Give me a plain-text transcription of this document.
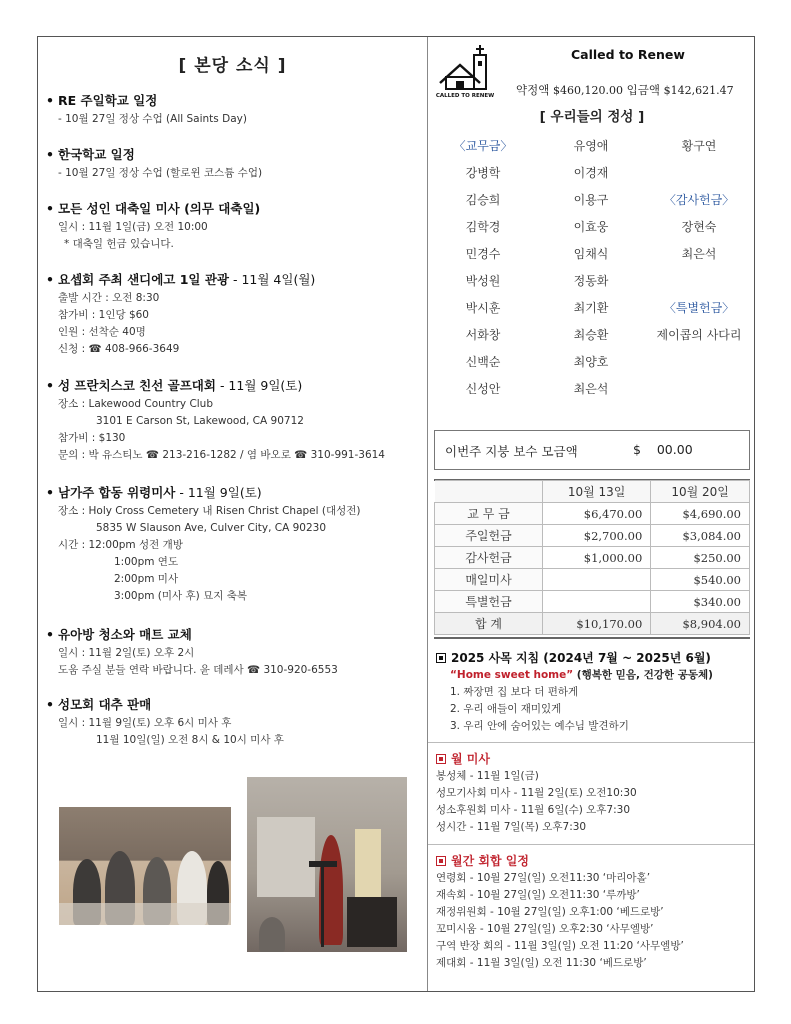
[ 본당 소식 ]
• RE 주일학교 일정
- 10월 27일 정상 수업 (All Saints Day)
• 한국학교 일정
- 10월 27일 정상 수업 (할로윈 코스튬 수업)
• 모든 성인 대축일 미사 (의무 대축일)
일시 : 11월 1일(금) 오전 10:00
* 대축일 헌금 있습니다.
• 요셉회 주최 샌디에고 1일 관광 - 11월 4일(월)
출발 시간 : 오전 8:30
참가비 : 1인당 $60
인원 : 선착순 40명
신청 : ☎ 408-966-3649
• 성 프란치스코 친선 골프대회 - 11월 9일(토)
장소 : Lakewood Country Club
3101 E Carson St, Lakewood, CA 90712
참가비 : $130
문의 : 박 유스티노 ☎ 213-216-1282 / 염 바오로 ☎ 310-991-3614
• 남가주 합동 위령미사 - 11월 9일(토)
장소 : Holy Cross Cemetery 내 Risen Christ Chapel (대성전)
5835 W Slauson Ave, Culver City, CA 90230
시간 : 12:00pm 성전 개방
1:00pm 연도
2:00pm 미사
3:00pm (미사 후) 묘지 축복
• 유아방 청소와 매트 교체
일시 : 11월 2일(토) 오후 2시
도움 주실 분들 연락 바랍니다. 윤 데레사 ☎ 310-920-6553
• 성모회 대추 판매
일시 : 11월 9일(토) 오후 6시 미사 후
11월 10일(일) 오전 8시 & 10시 미사 후
CALLED TO RENEW
Called to Renew
약정액 $460,120.00 입금액 $142,621.47
[ 우리들의 정성 ]
〈교무금〉	유영애	황구연
강병학	이경재
김승희	이용구	〈감사헌금〉
김학경	이효웅	장현숙
민경수	임채식	최은석
박성원	정동화
박시훈	최기환	〈특별헌금〉
서화창	최승환	제이콥의 사다리
신백순	최양호
신성안	최은석
이번주 지붕 보수 모금액	$ 00.00
	10월 13일	10월 20일
교 무 금	$6,470.00	$4,690.00
주일헌금	$2,700.00	$3,084.00
감사헌금	$1,000.00	$250.00
매일미사		$540.00
특별헌금		$340.00
합 계	$10,170.00	$8,904.00
2025 사목 지침 (2024년 7월 ~ 2025년 6월)
“Home sweet home” (행복한 믿음, 건강한 공동체)
1. 짜장면 집 보다 더 편하게
2. 우리 애들이 재미있게
3. 우리 안에 숨어있는 예수님 발견하기
월 미사
봉성체 - 11월 1일(금)
성모기사회 미사 - 11월 2일(토) 오전10:30
성소후원회 미사 - 11월 6일(수) 오후7:30
성시간 - 11월 7일(목) 오후7:30
월간 회합 일정
연령회 - 10월 27일(일) 오전11:30 ‘마리아홀’
재속회 - 10월 27일(일) 오전11:30 ‘루까방’
재정위원회 - 10월 27일(일) 오후1:00 ‘베드로방’
꼬미시움 - 10월 27일(일) 오후2:30 ‘사무엘방’
구역 반장 회의 - 11월 3일(일) 오전 11:20 ‘사무엘방’
제대회 - 11월 3일(일) 오전 11:30 ‘베드로방’
